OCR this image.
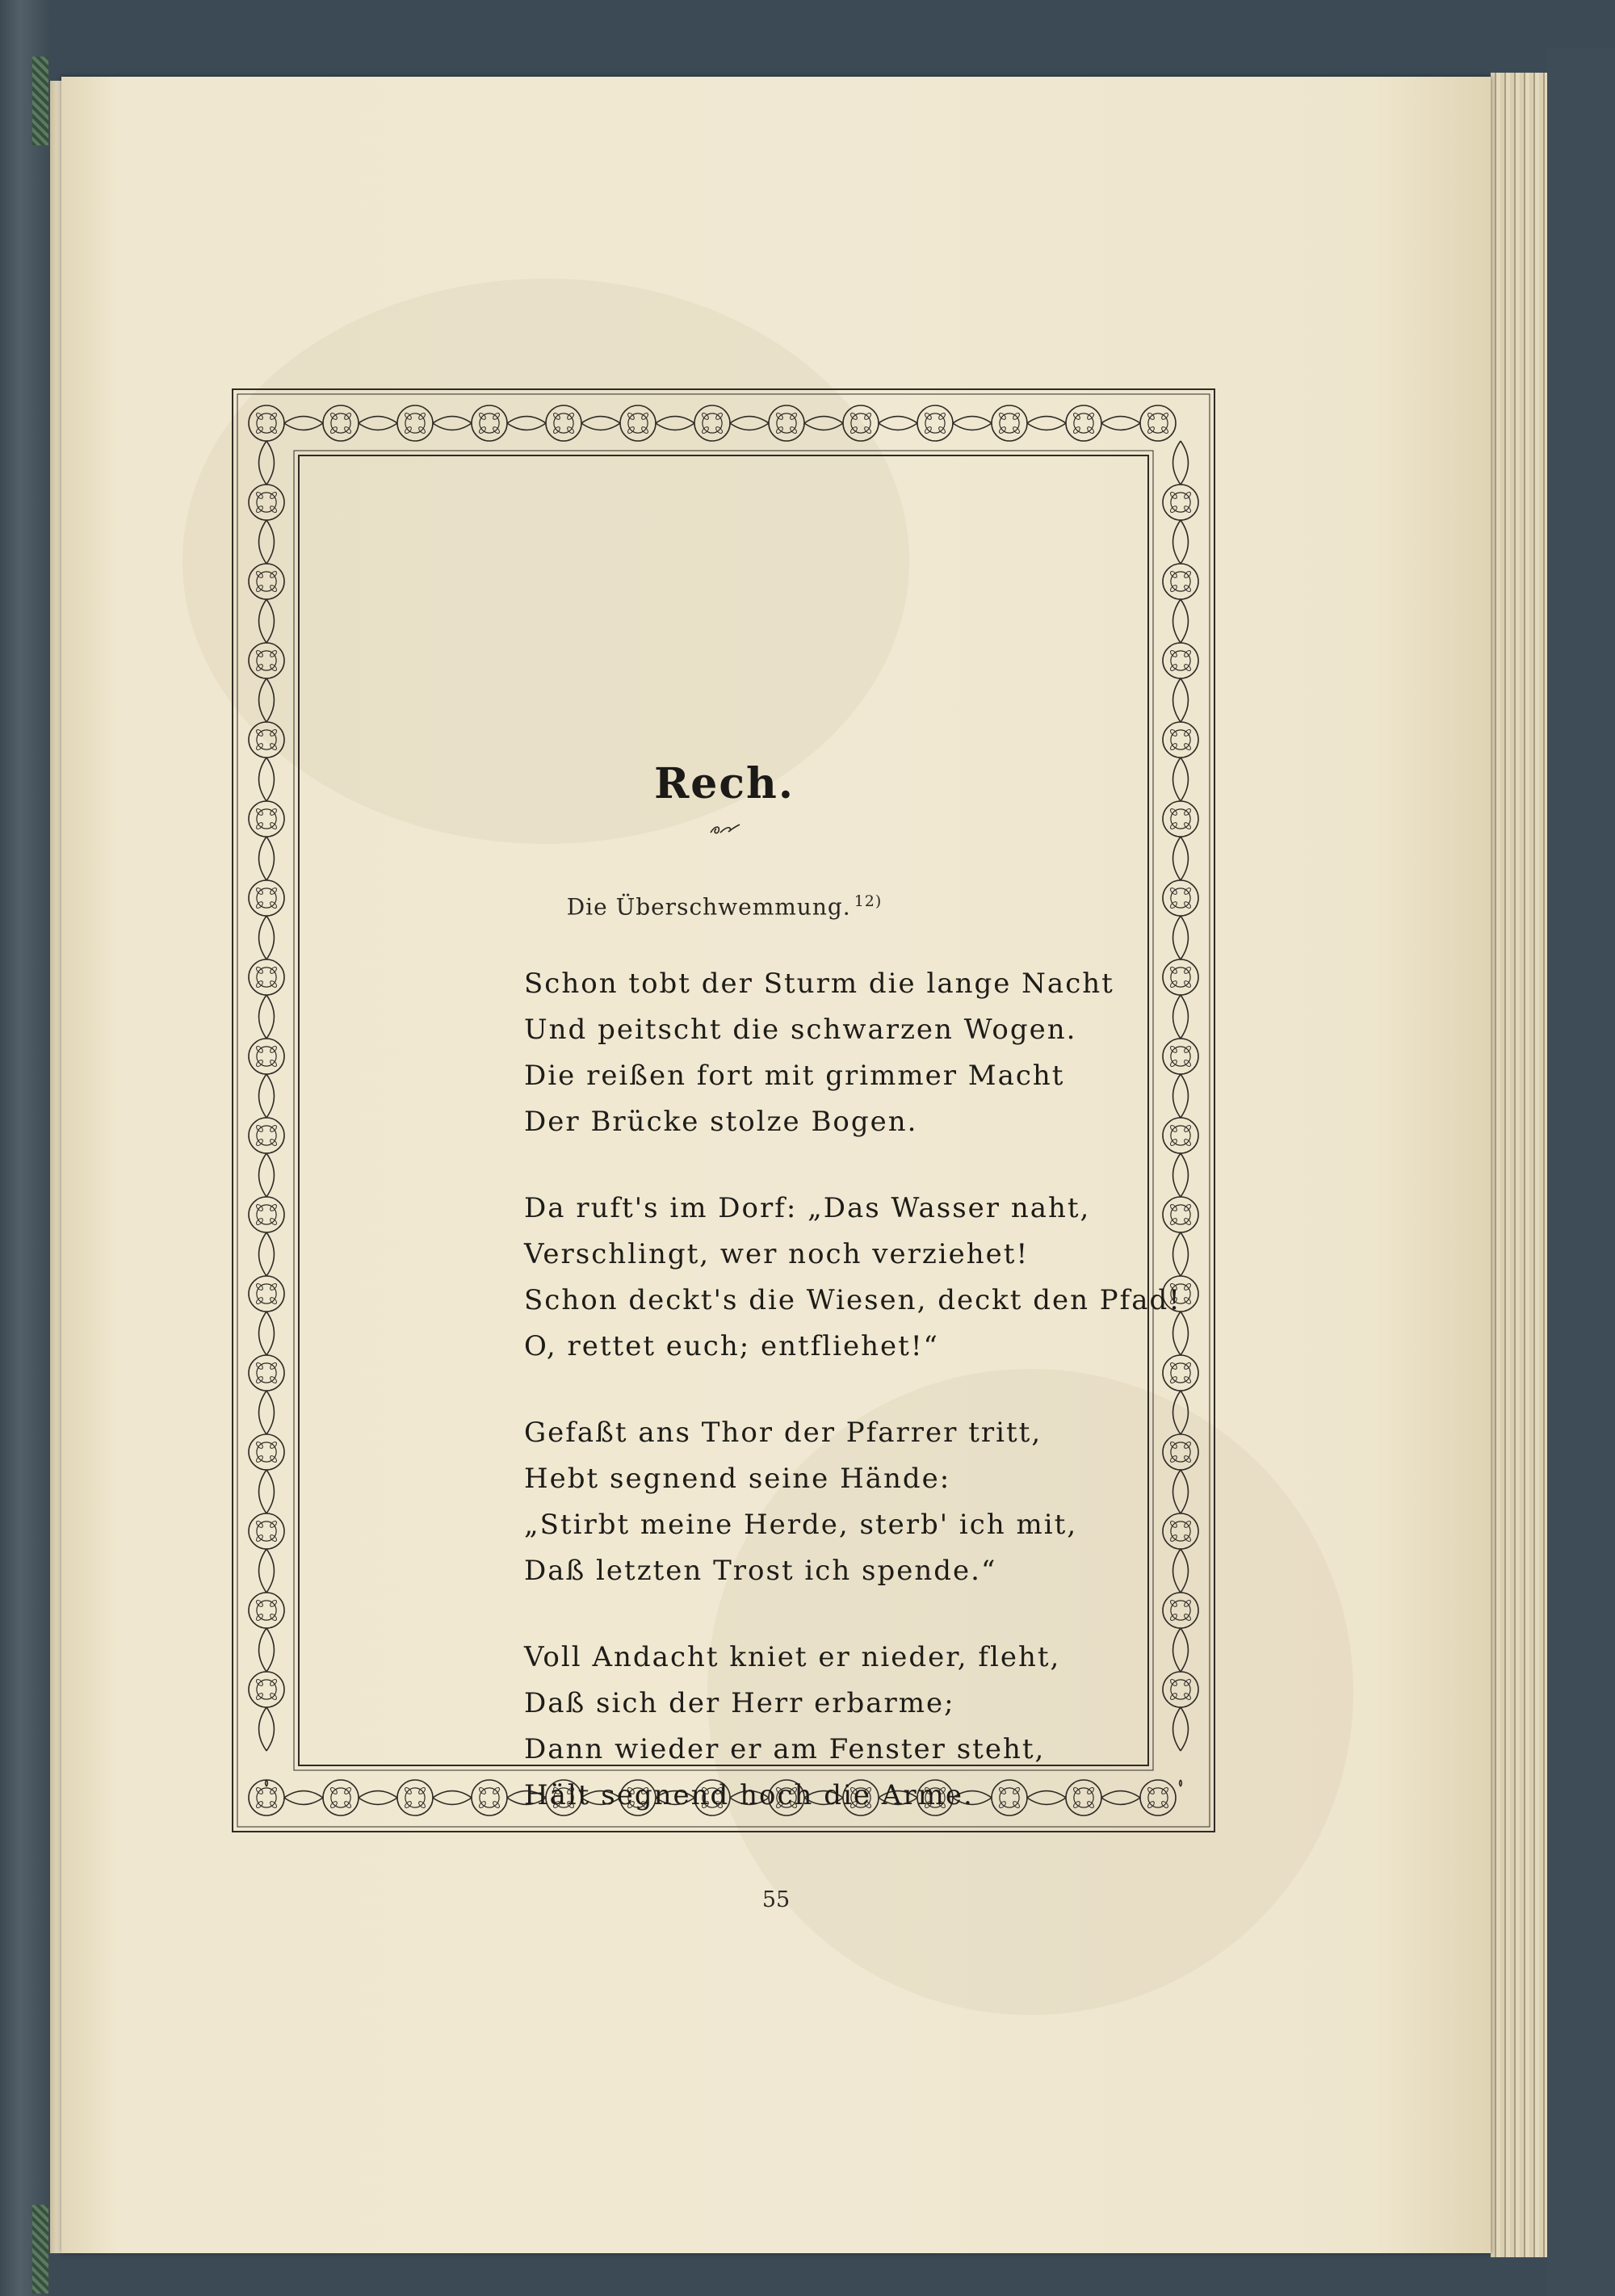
Rech.
Die Überschwemmung. $^{12)}$
Schon tobt der Sturm die lange Nacht
Und peitscht die schwarzen Wogen.
Die reißen fort mit grimmer Macht
Der Brücke stolze Bogen.
Da ruft's im Dorf: „Das Wasser naht,
Verschlingt, wer noch verziehet!
Schon deckt's die Wiesen, deckt den Pfad!
O, rettet euch; entfliehet!“
Gefaßt ans Thor der Pfarrer tritt,
Hebt segnend seine Hände:
„Stirbt meine Herde, sterb' ich mit,
Daß letzten Trost ich spende.“
Voll Andacht kniet er nieder, fleht,
Daß sich der Herr erbarme;
Dann wieder er am Fenster steht,
Hält segnend hoch die Arme.
55
